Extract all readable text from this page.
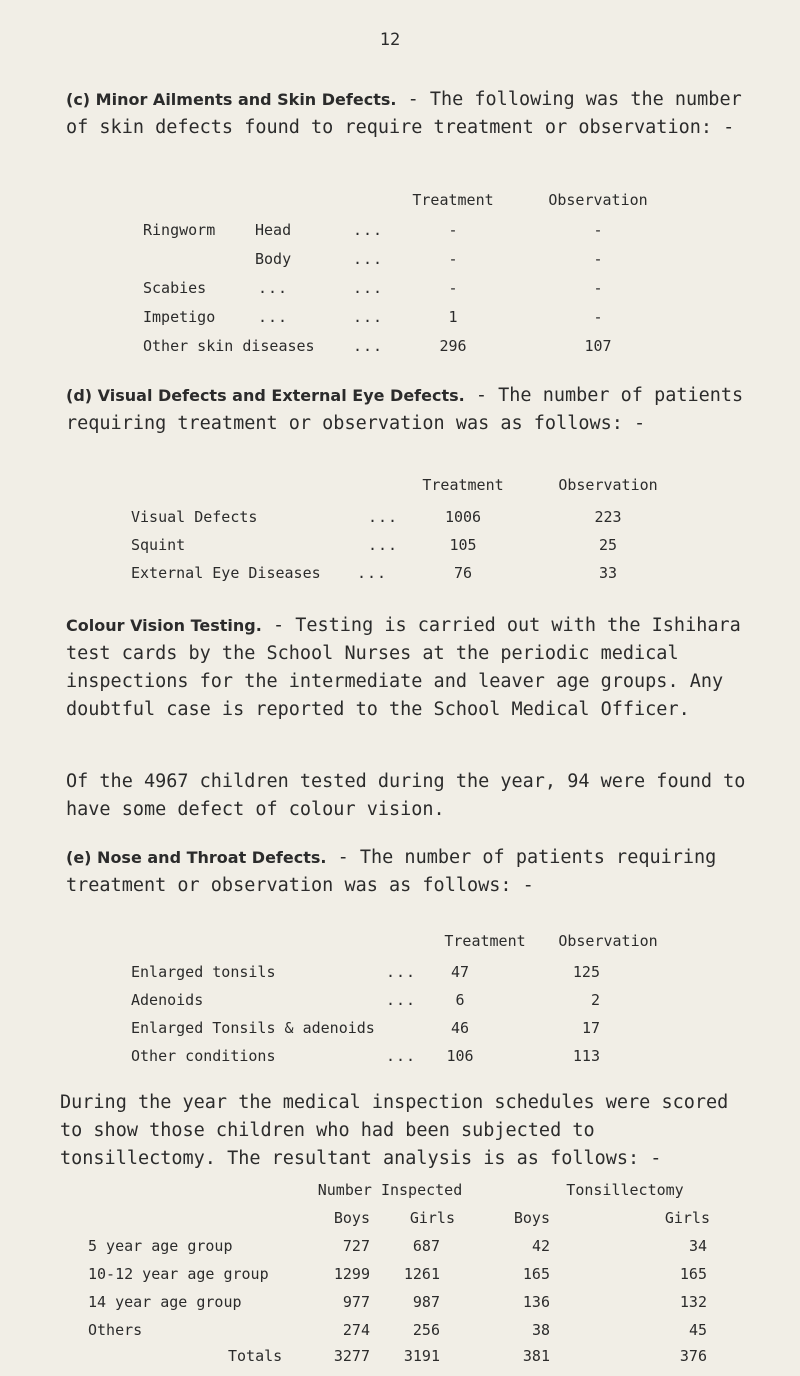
12

(c) Minor Ailments and Skin Defects. - The following was the number of skin defects found to require treatment or observation: -

Treatment	Observation
Ringworm	Head	...	-	-
Body	...	-	-
Scabies	...	...	-	-
Impetigo	...	...	1	-
Other skin diseases	...	296	107

(d) Visual Defects and External Eye Defects. - The number of patients requiring treatment or observation was as follows: -

Treatment	Observation
Visual Defects	...	1006	223
Squint	...	105	25
External Eye Diseases ...	76	33

Colour Vision Testing. - Testing is carried out with the Ishihara test cards by the School Nurses at the periodic medical inspections for the intermediate and leaver age groups. Any doubtful case is reported to the School Medical Officer.

Of the 4967 children tested during the year, 94 were found to have some defect of colour vision.

(e) Nose and Throat Defects. - The number of patients requiring treatment or observation was as follows: -

Treatment	Observation
Enlarged tonsils	...	47	125
Adenoids	...	6	2
Enlarged Tonsils & adenoids	46	17
Other conditions	...	106	113

During the year the medical inspection schedules were scored to show those children who had been subjected to tonsillectomy. The resultant analysis is as follows: -

Number Inspected	Tonsillectomy
Boys	Girls	Boys	Girls
5 year age group	727	687	42	34
10-12 year age group	1299	1261	165	165
14 year age group	977	987	136	132
Others	274	256	38	45
Totals	3277	3191	381	376
